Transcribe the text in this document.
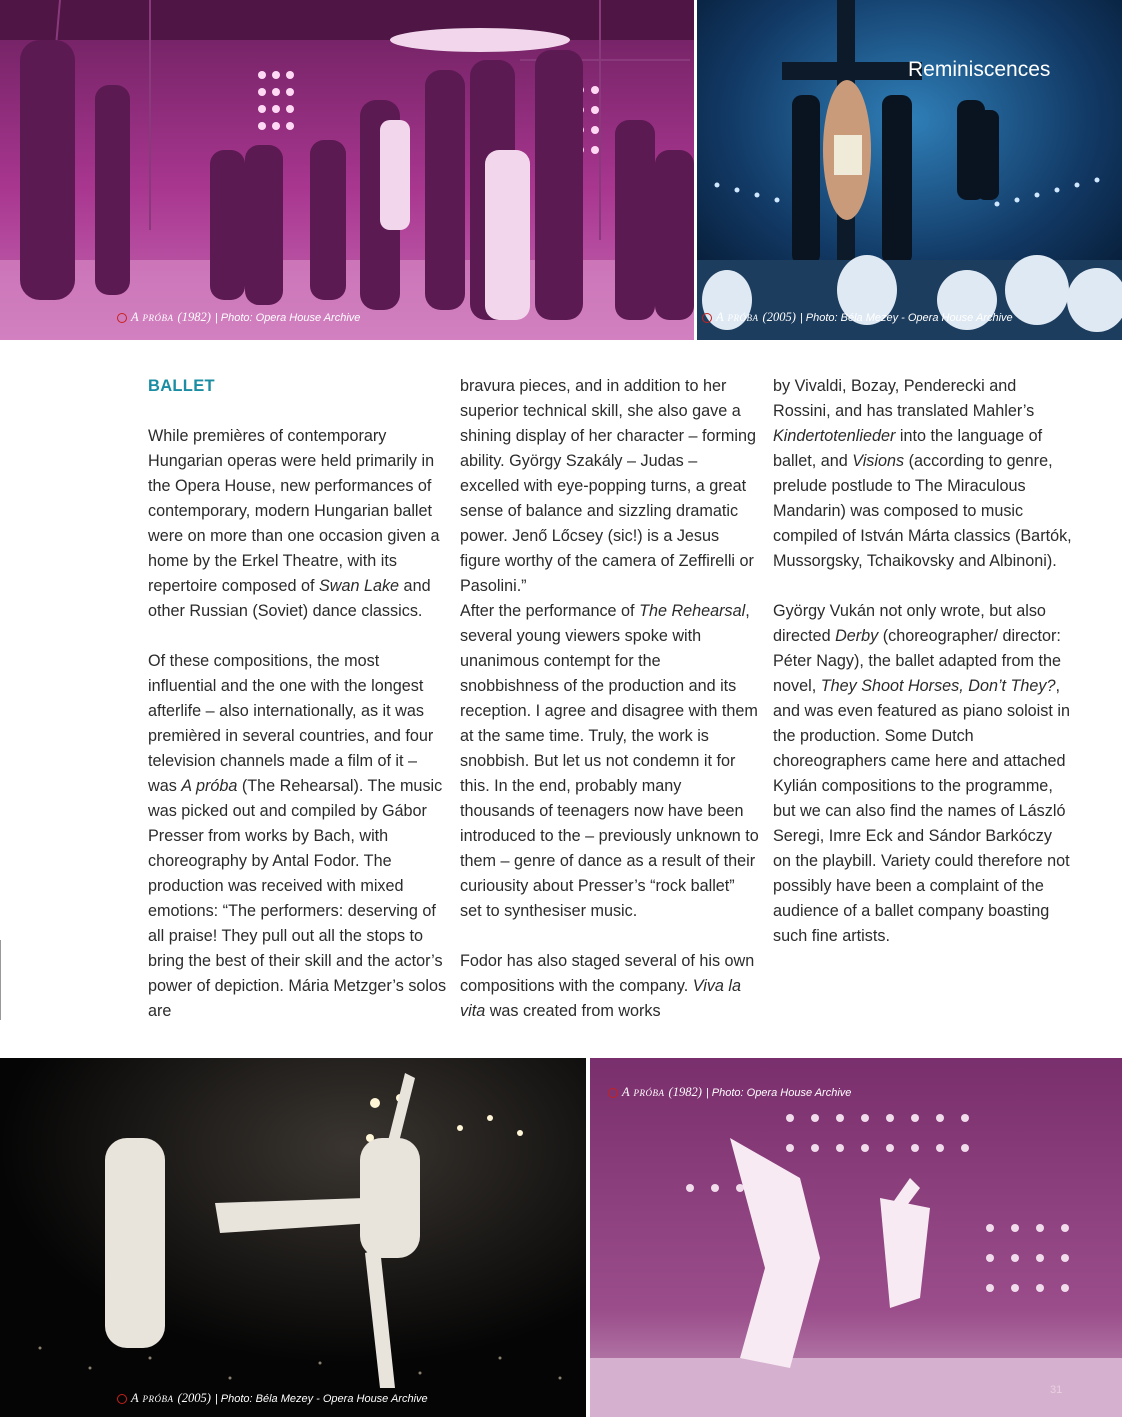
A próba (1982) | Photo: Opera House Archive
Reminiscences
A próba (2005) | Photo: Béla Mezey - Opera House Archive
BALLET

While premières of contemporary Hungarian operas were held primarily in the Opera House, new performances of contemporary, modern Hungarian ballet were on more than one occasion given a home by the Erkel Theatre, with its repertoire composed of Swan Lake and other Russian (Soviet) dance classics.

Of these compositions, the most influential and the one with the longest afterlife – also internationally, as it was premièred in several countries, and four television channels made a film of it – was A próba (The Rehearsal). The music was picked out and compiled by Gábor Presser from works by Bach, with choreography by Antal Fodor. The production was received with mixed emotions: “The performers: deserving of all praise! They pull out all the stops to bring the best of their skill and the actor’s power of depiction. Mária Metzger’s solos are

bravura pieces, and in addition to her superior technical skill, she also gave a shining display of her character – forming ability. György Szakály – Judas – excelled with eye-popping turns, a great sense of balance and sizzling dramatic power. Jenő Lőcsey (sic!) is a Jesus figure worthy of the camera of Zeffirelli or Pasolini.”

After the performance of The Rehearsal, several young viewers spoke with unanimous contempt for the snobbishness of the production and its reception. I agree and disagree with them at the same time. Truly, the work is snobbish. But let us not condemn it for this. In the end, probably many thousands of teenagers now have been introduced to the – previously unknown to them – genre of dance as a result of their curiousity about Presser’s “rock ballet” set to synthesiser music.

Fodor has also staged several of his own compositions with the company. Viva la vita was created from works

by Vivaldi, Bozay, Penderecki and Rossini, and has translated Mahler’s Kindertotenlieder into the language of ballet, and Visions (according to genre, prelude postlude to The Miraculous Mandarin) was composed to music compiled of István Márta classics (Bartók, Mussorgsky, Tchaikovsky and Albinoni).

György Vukán not only wrote, but also directed Derby (choreographer/ director: Péter Nagy), the ballet adapted from the novel, They Shoot Horses, Don’t They?, and was even featured as piano soloist in the production. Some Dutch choreographers came here and attached Kylián compositions to the programme, but we can also find the names of László Seregi, Imre Eck and Sándor Barkóczy on the playbill. Variety could therefore not possibly have been a complaint of the audience of a ballet company boasting such fine artists.

A próba (2005) | Photo: Béla Mezey - Opera House Archive
A próba (1982) | Photo: Opera House Archive
31
